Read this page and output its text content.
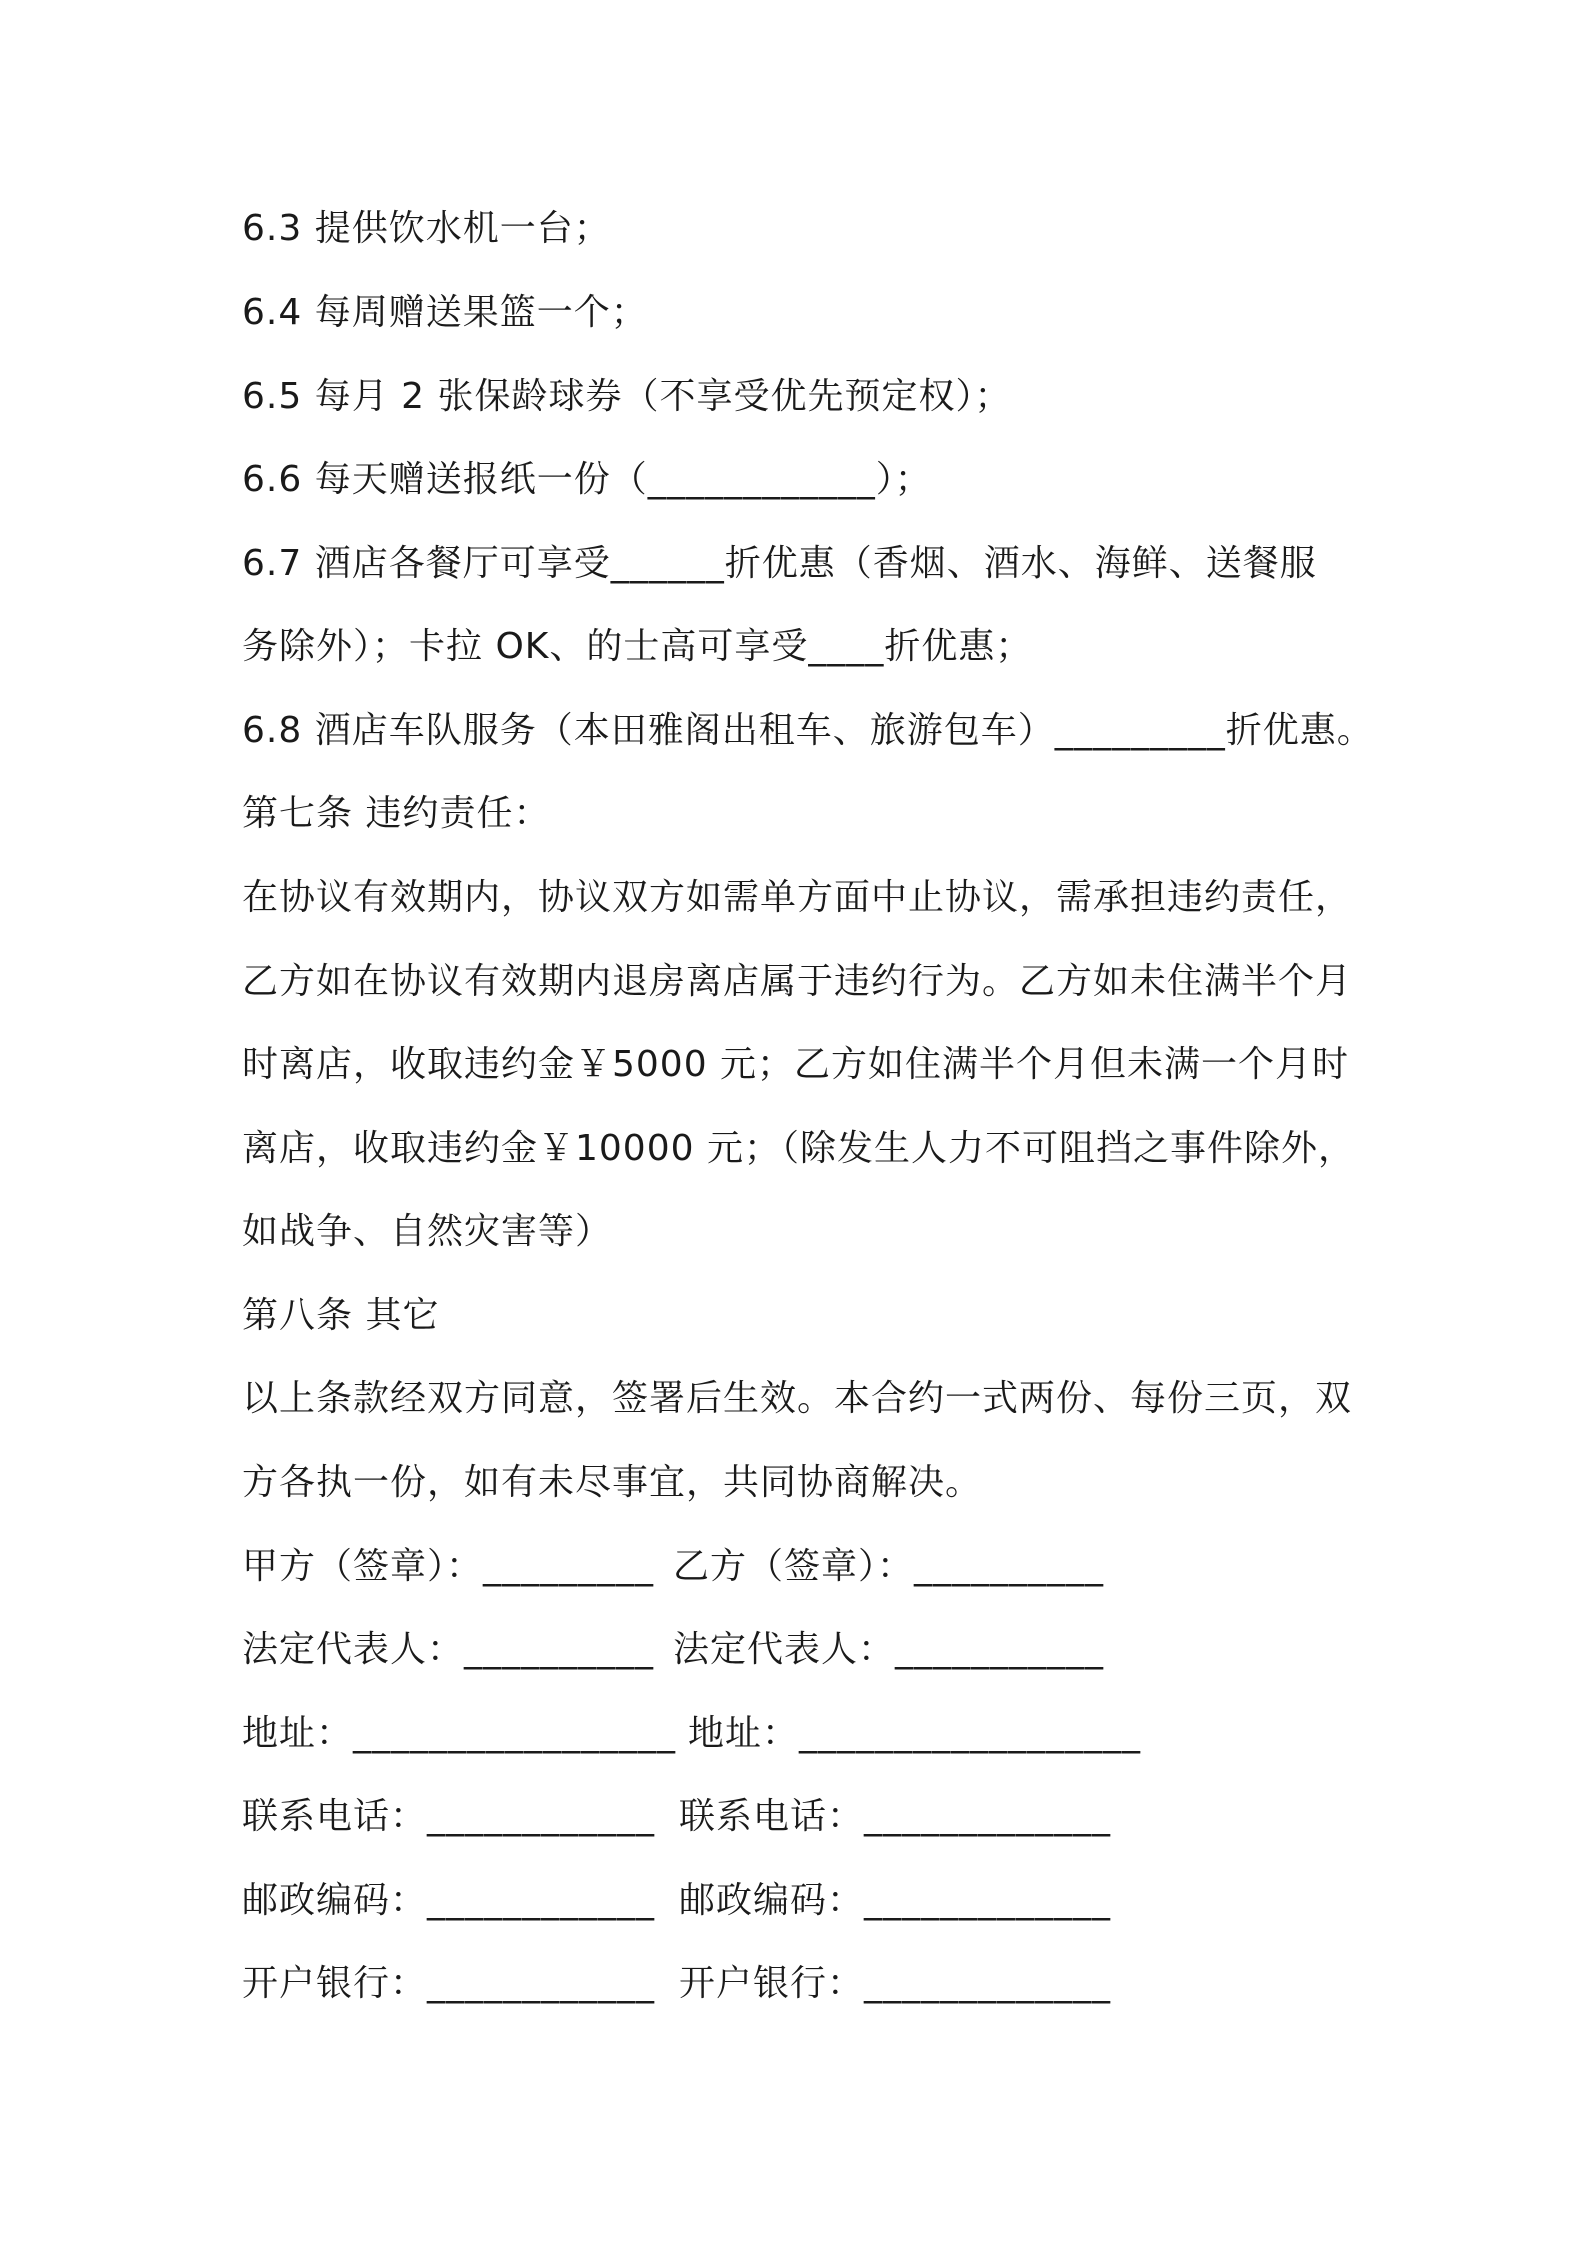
6.3 提供饮水机一台；
6.4 每周赠送果篮一个；
6.5 每月 2 张保龄球券（不享受优先预定权）；
6.6 每天赠送报纸一份（____________）；
6.7 酒店各餐厅可享受______折优惠（香烟、酒水、海鲜、送餐服
务除外）；卡拉 OK、的士高可享受____折优惠；
6.8 酒店车队服务（本田雅阁出租车、旅游包车）_________折优惠。
第七条 违约责任：
在协议有效期内，协议双方如需单方面中止协议，需承担违约责任，
乙方如在协议有效期内退房离店属于违约行为。乙方如未住满半个月
时离店，收取违约金￥5000 元；乙方如住满半个月但未满一个月时
离店，收取违约金￥10000 元；（除发生人力不可阻挡之事件除外，
如战争、自然灾害等）
第八条 其它
以上条款经双方同意，签署后生效。本合约一式两份、每份三页，双
方各执一份，如有未尽事宜，共同协商解决。
甲方（签章）：_________ 乙方（签章）：__________
法定代表人：__________ 法定代表人：___________
地址：_________________ 地址：__________________
联系电话：____________ 联系电话：_____________
邮政编码：____________ 邮政编码：_____________
开户银行：____________ 开户银行：_____________
